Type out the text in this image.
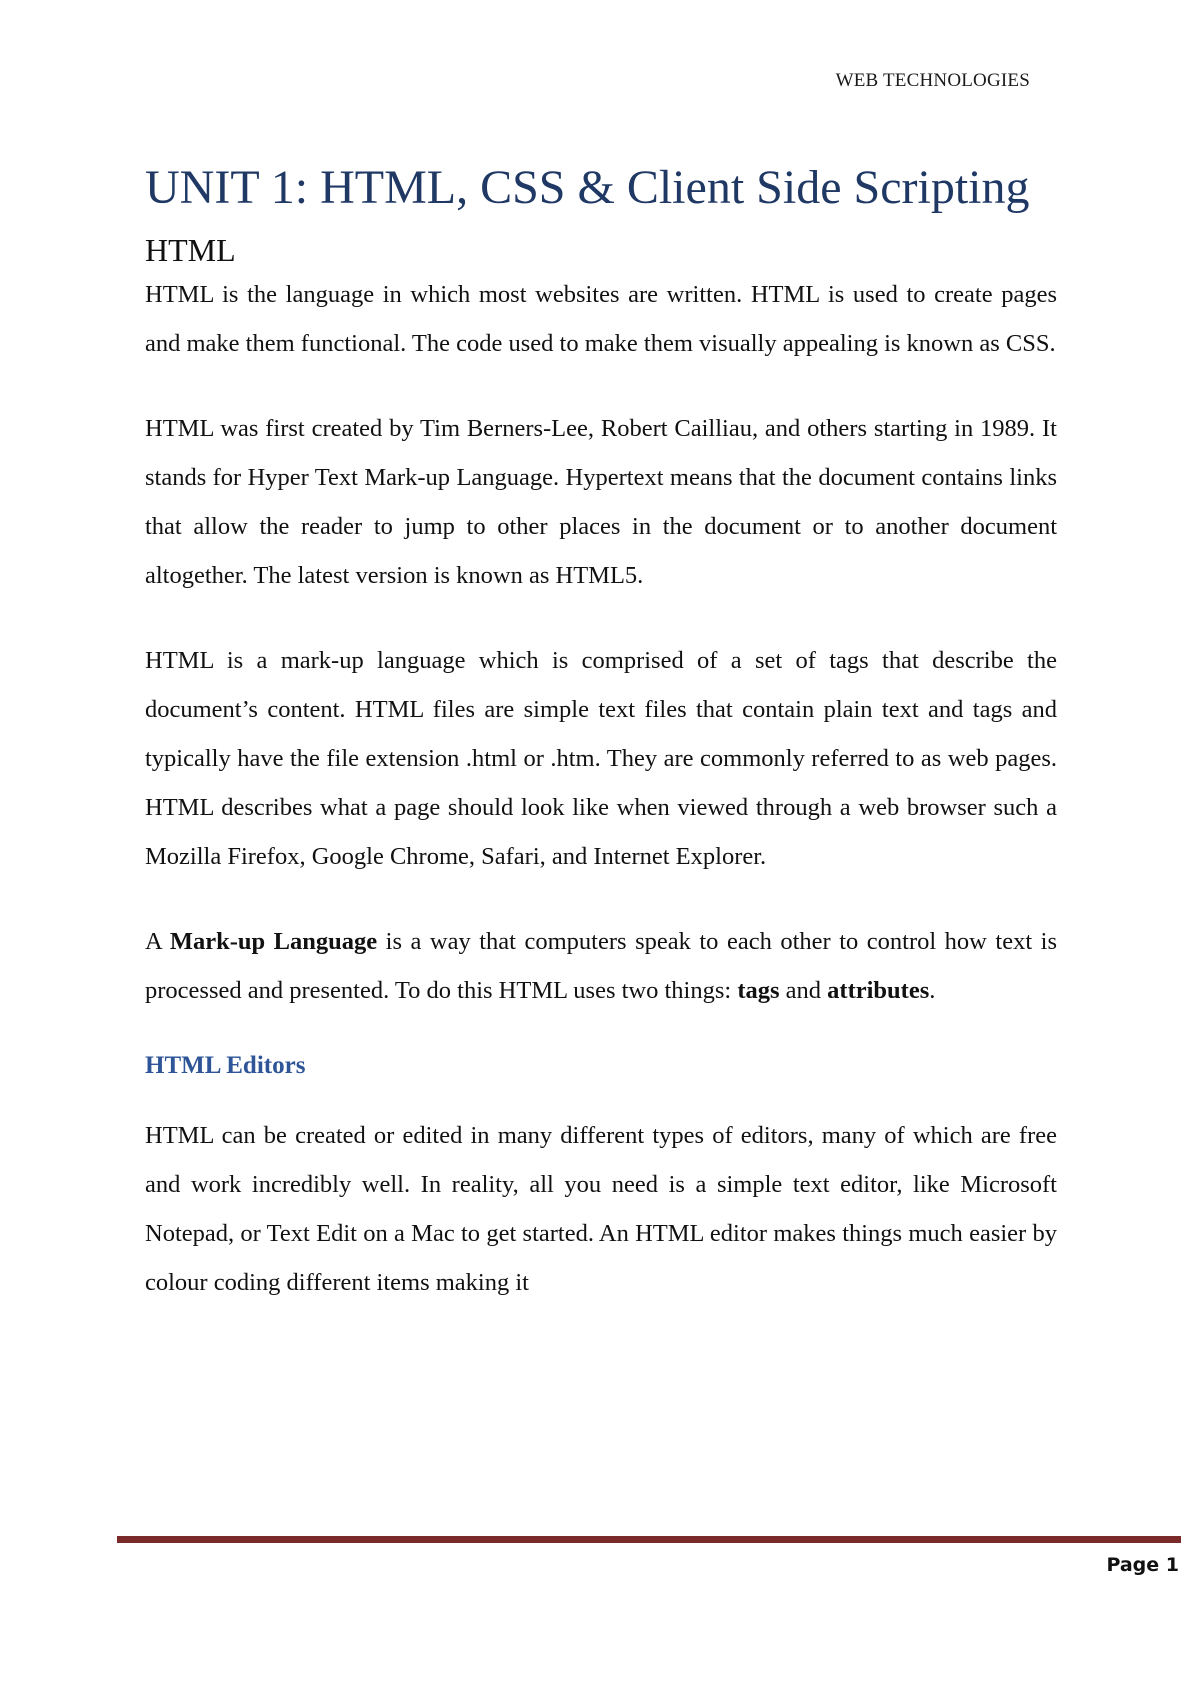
WEB TECHNOLOGIES
UNIT 1: HTML, CSS & Client Side Scripting
HTML

HTML is the language in which most websites are written. HTML is used to create pages and make them functional. The code used to make them visually appealing is known as CSS.

HTML was first created by Tim Berners-Lee, Robert Cailliau, and others starting in 1989. It stands for Hyper Text Mark-up Language. Hypertext means that the document contains links that allow the reader to jump to other places in the document or to another document altogether. The latest version is known as HTML5.

HTML is a mark-up language which is comprised of a set of tags that describe the document’s content. HTML files are simple text files that contain plain text and tags and typically have the file extension .html or .htm. They are commonly referred to as web pages. HTML describes what a page should look like when viewed through a web browser such a Mozilla Firefox, Google Chrome, Safari, and Internet Explorer.

A Mark-up Language is a way that computers speak to each other to control how text is processed and presented. To do this HTML uses two things: tags and attributes.

HTML Editors

HTML can be created or edited in many different types of editors, many of which are free and work incredibly well. In reality, all you need is a simple text editor, like Microsoft Notepad, or Text Edit on a Mac to get started. An HTML editor makes things much easier by colour coding different items making it

Page 1
